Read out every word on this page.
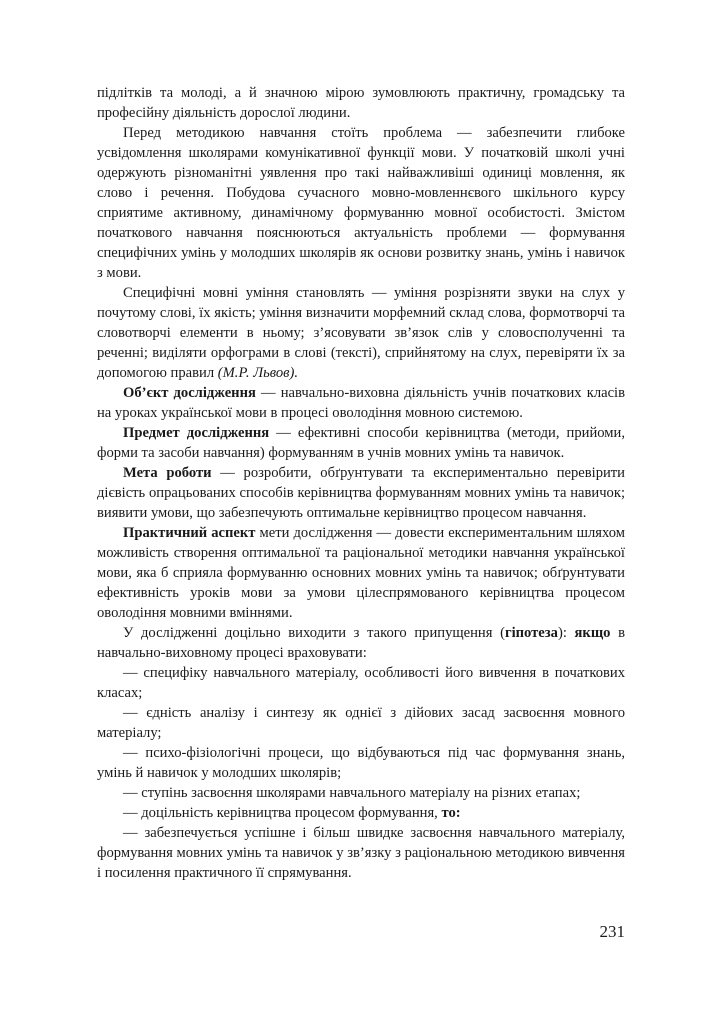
підлітків та молоді, а й значною мірою зумовлюють практичну, громадську та професійну діяльність дорослої людини.

Перед методикою навчання стоїть проблема — забезпечити глибоке усвідомлення школярами комунікативної функції мови. У початковій школі учні одержують різноманітні уявлення про такі найважливіші одиниці мовлення, як слово і речення. Побудова сучасного мовно-мовленнєвого шкільного курсу сприятиме активному, динамічному формуванню мовної особистості. Змістом початкового навчання пояснюються актуальність проблеми — формування специфічних умінь у молодших школярів як основи розвитку знань, умінь і навичок з мови.

Специфічні мовні уміння становлять — уміння розрізняти звуки на слух у почутому слові, їх якість; уміння визначити морфемний склад слова, формотворчі та словотворчі елементи в ньому; з’ясовувати зв’язок слів у словосполученні та реченні; виділяти орфограми в слові (тексті), сприйнятому на слух, перевіряти їх за допомогою правил (М.Р. Львов).

Об’єкт дослідження — навчально-виховна діяльність учнів початкових класів на уроках української мови в процесі оволодіння мовною системою.

Предмет дослідження — ефективні способи керівництва (методи, прийоми, форми та засоби навчання) формуванням в учнів мовних умінь та навичок.

Мета роботи — розробити, обґрунтувати та експериментально перевірити дієвість опрацьованих способів керівництва формуванням мовних умінь та навичок; виявити умови, що забезпечують оптимальне керівництво процесом навчання.

Практичний аспект мети дослідження — довести експериментальним шляхом можливість створення оптимальної та раціональної методики навчання української мови, яка б сприяла формуванню основних мовних умінь та навичок; обґрунтувати ефективність уроків мови за умови цілеспрямованого керівництва процесом оволодіння мовними вміннями.

У дослідженні доцільно виходити з такого припущення (гіпотеза): якщо в навчально-виховному процесі враховувати:

— специфіку навчального матеріалу, особливості його вивчення в початкових класах;

— єдність аналізу і синтезу як однієї з дійових засад засвоєння мовного матеріалу;

— психо-фізіологічні процеси, що відбуваються під час формування знань, умінь й навичок у молодших школярів;

— ступінь засвоєння школярами навчального матеріалу на різних етапах;

— доцільність керівництва процесом формування, то:

— забезпечується успішне і більш швидке засвоєння навчального матеріалу, формування мовних умінь та навичок у зв’язку з раціональною методикою вивчення і посилення практичного її спрямування.

231
